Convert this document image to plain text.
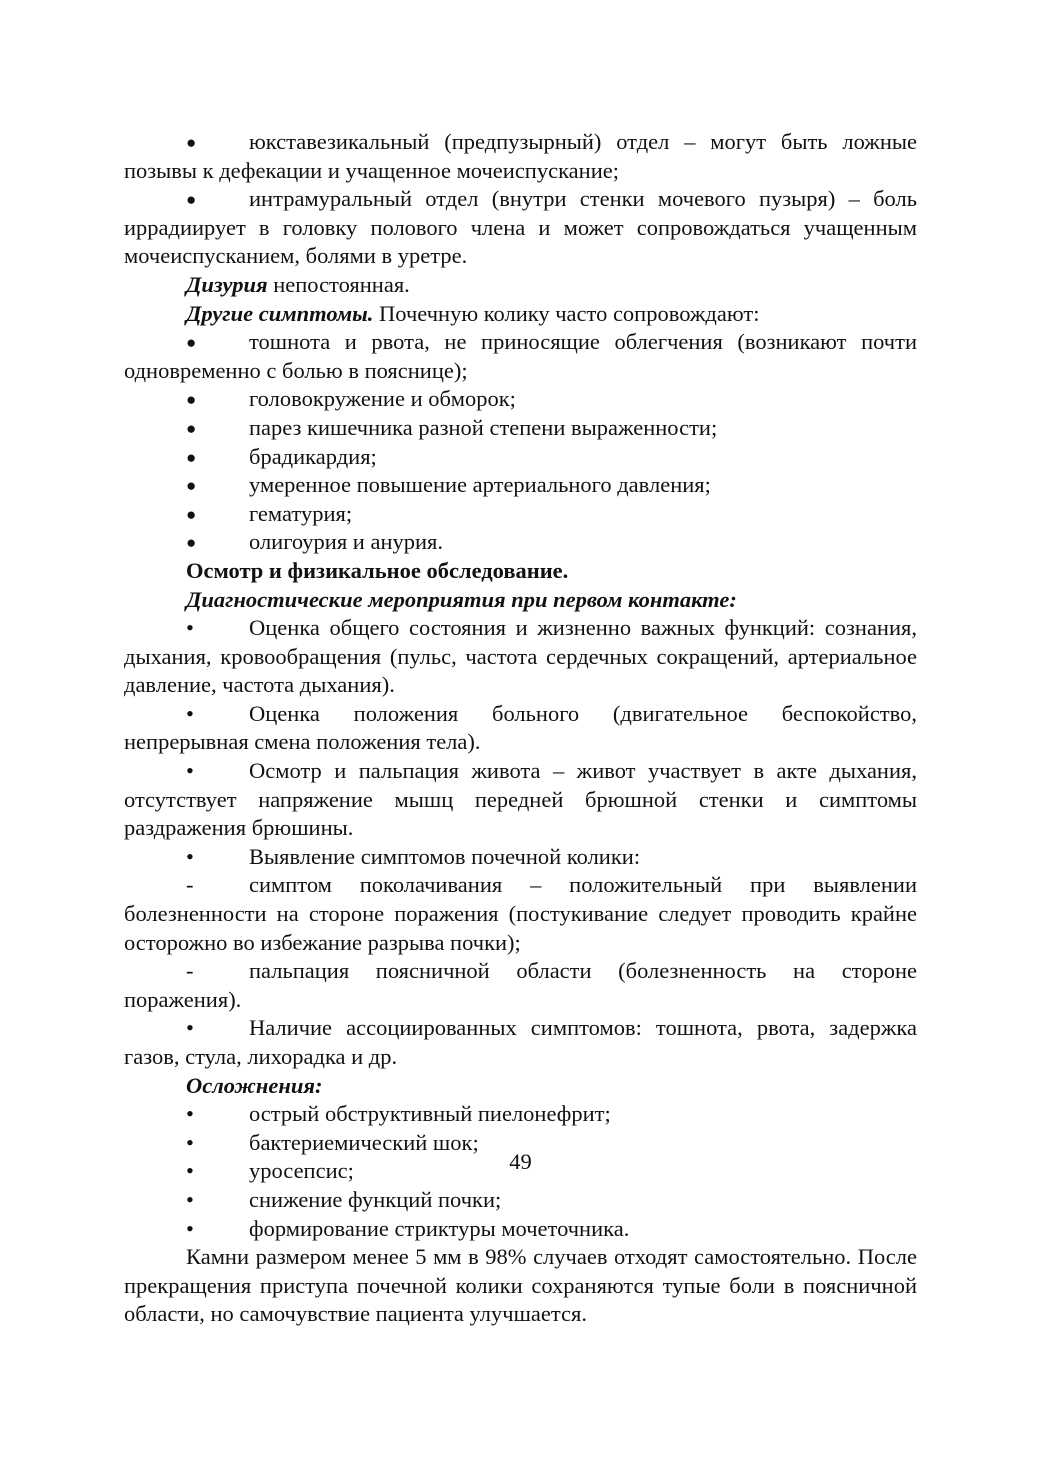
●	юкставезикальный (предпузырный) отдел – могут быть ложные позывы к дефекации и учащенное мочеиспускание;

●	интрамуральный отдел (внутри стенки мочевого пузыря) – боль иррадиирует в головку полового члена и может сопровождаться учащенным мочеиспусканием, болями в уретре.

Дизурия непостоянная.

Другие симптомы. Почечную колику часто сопровождают:

●	тошнота и рвота, не приносящие облегчения (возникают почти одновременно с болью в пояснице);

●	головокружение и обморок;

●	парез кишечника разной степени выраженности;

●	брадикардия;

●	умеренное повышение артериального давления;

●	гематурия;

●	олигоурия и анурия.

Осмотр и физикальное обследование.

Диагностические мероприятия при первом контакте:

•	Оценка общего состояния и жизненно важных функций: сознания, дыхания, кровообращения (пульс, частота сердечных сокращений, артериальное давление, частота дыхания).

•	Оценка положения больного (двигательное беспокойство, непрерывная смена положения тела).

•	Осмотр и пальпация живота – живот участвует в акте дыхания, отсутствует напряжение мышц передней брюшной стенки и симптомы раздражения брюшины.

•	Выявление симптомов почечной колики:

-	симптом поколачивания – положительный при выявлении болезненности на стороне поражения (постукивание следует проводить крайне осторожно во избежание разрыва почки);

-	пальпация поясничной области (болезненность на стороне поражения).

•	Наличие ассоциированных симптомов: тошнота, рвота, задержка газов, стула, лихорадка и др.

Осложнения:

•	острый обструктивный пиелонефрит;

•	бактериемический шок;

•	уросепсис;

•	снижение функций почки;

•	формирование стриктуры мочеточника.

Камни размером менее 5 мм в 98% случаев отходят самостоятельно. После прекращения приступа почечной колики сохраняются тупые боли в поясничной области, но самочувствие пациента улучшается.

49
